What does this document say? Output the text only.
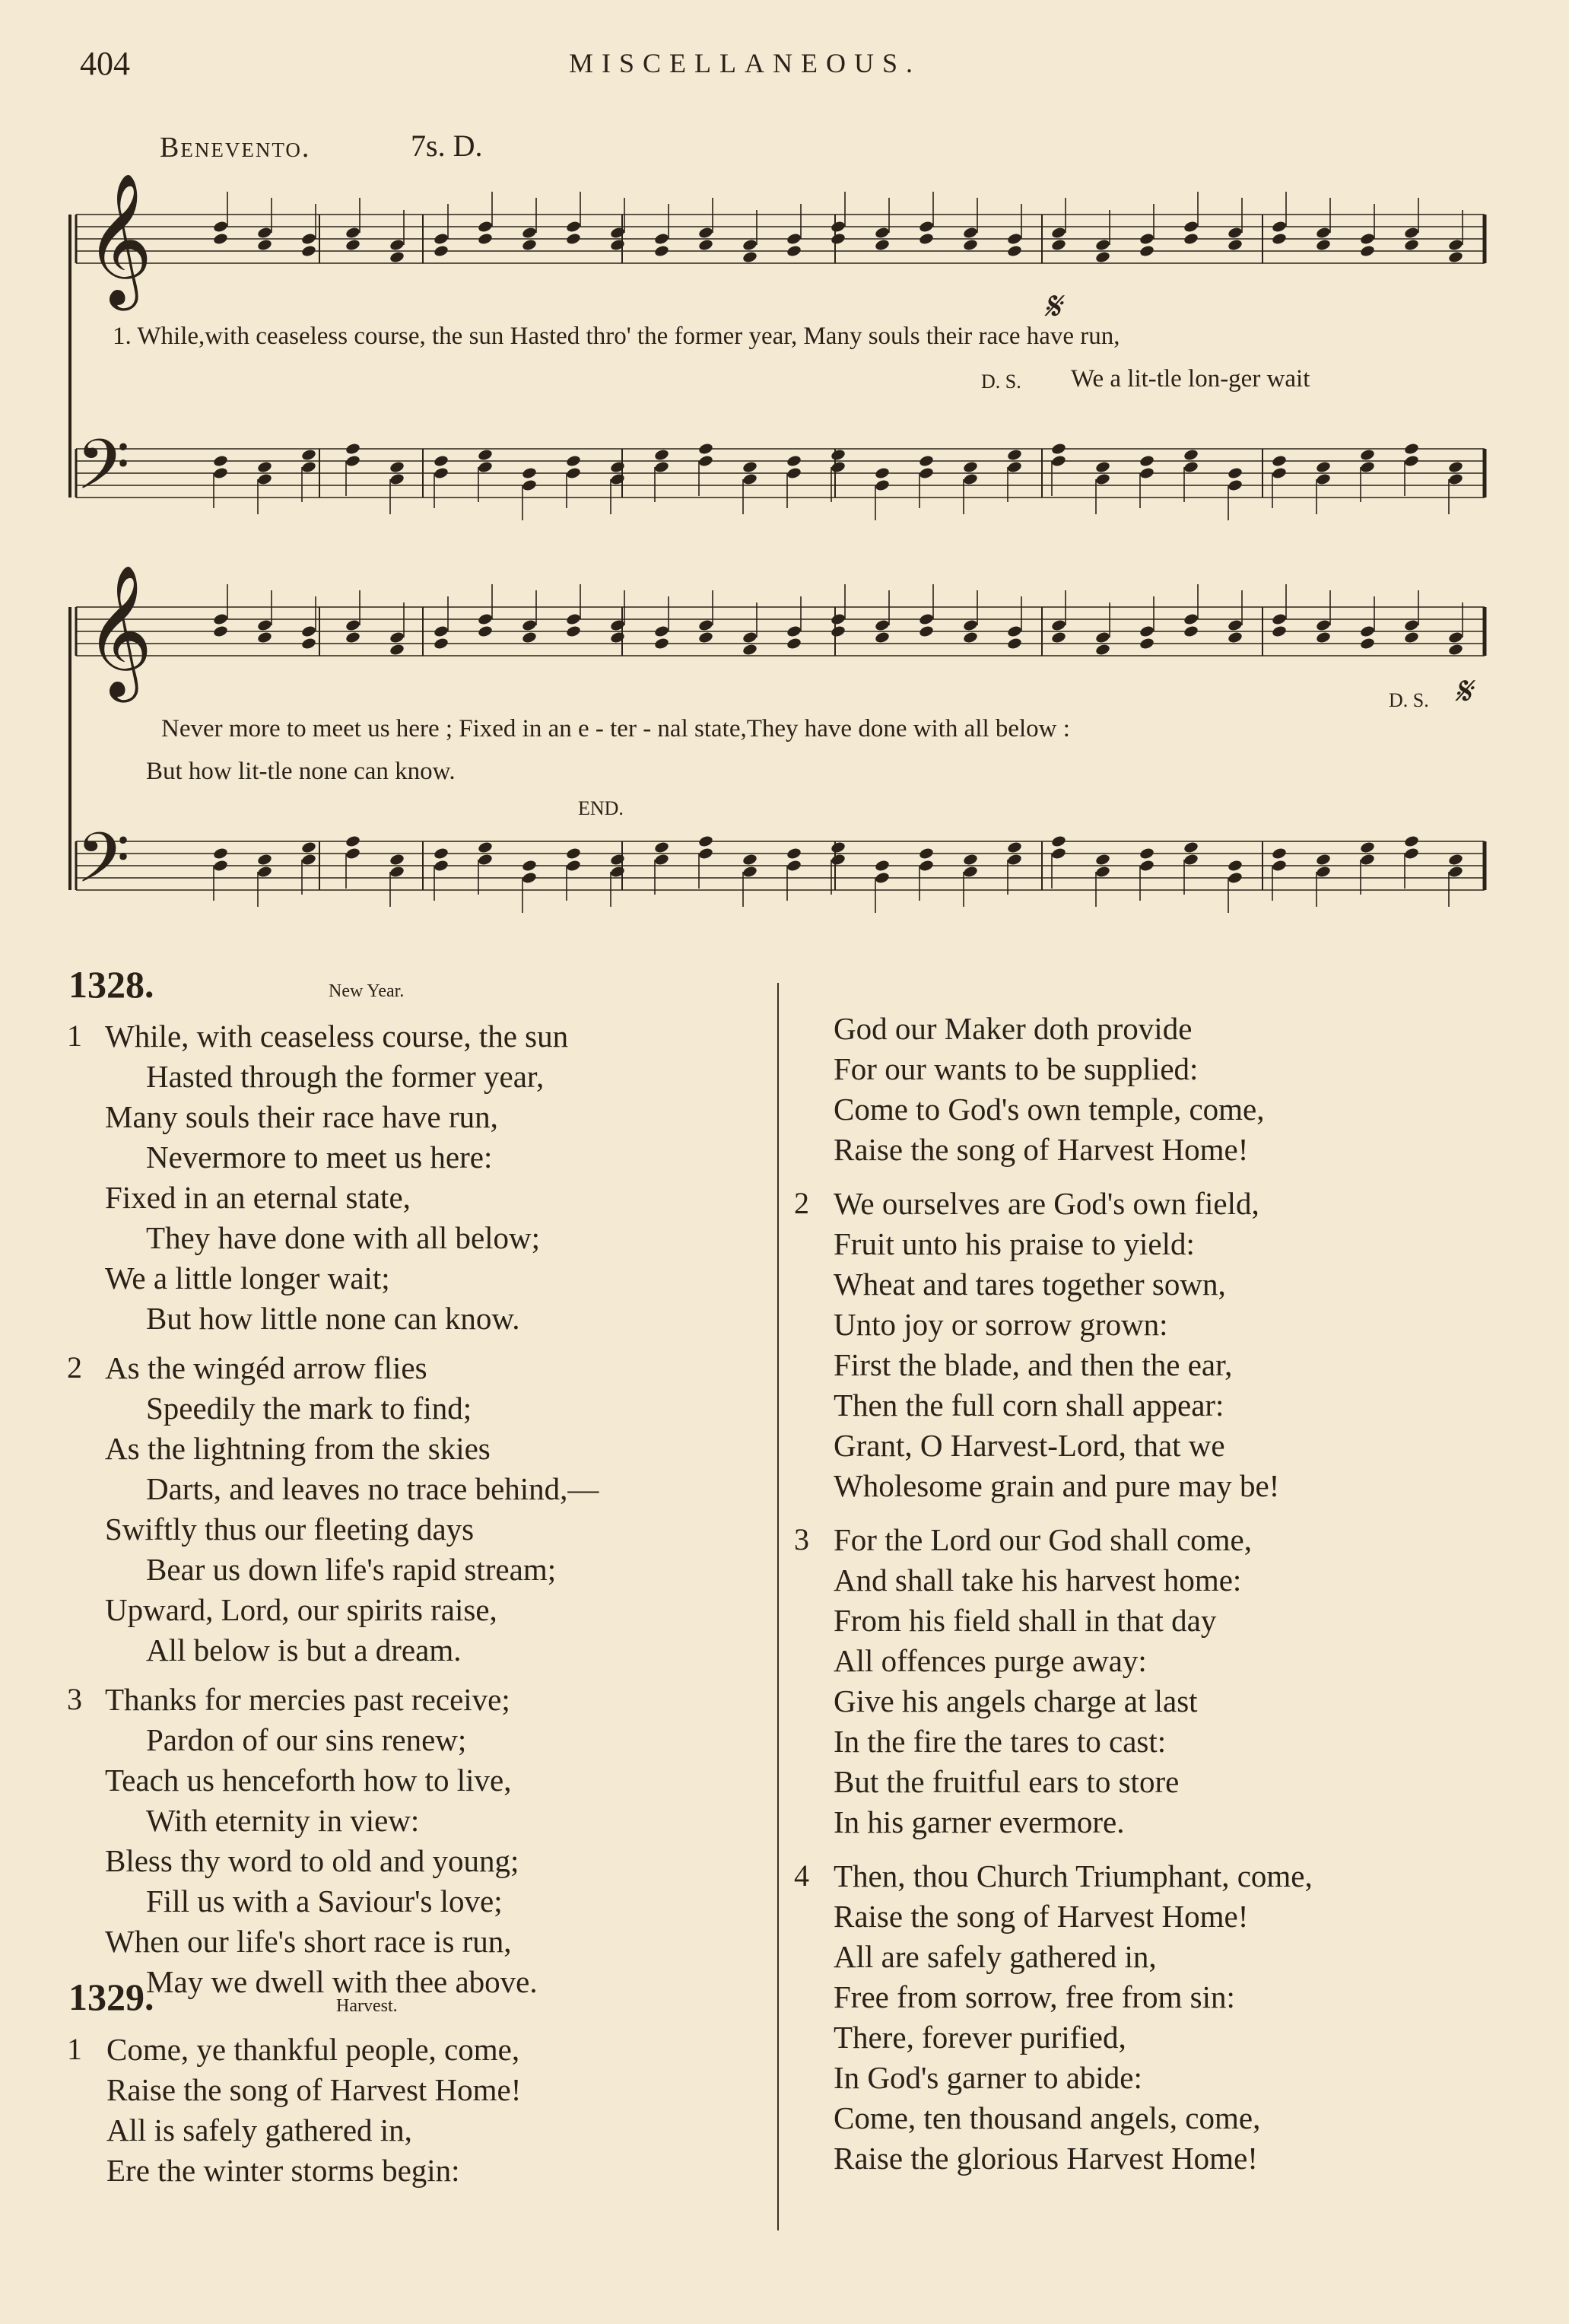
404	MISCELLANEOUS.
Benevento.	7s. D.
𝄞
𝄢
𝄞
𝄢
1. While,with ceaseless course, the sun Hasted thro' the former year, Many souls their race have run,
D. S. We a lit-tle lon-ger wait
𝄋
Never more to meet us here ; Fixed in an e - ter - nal state,They have done with all below :
But how lit-tle none can know.
END.
D. S. 𝄋
1328.	New Year.
1 While, with ceaseless course, the sun
Hasted through the former year,
Many souls their race have run,
Nevermore to meet us here:
Fixed in an eternal state,
They have done with all below;
We a little longer wait;
But how little none can know.
2 As the wingéd arrow flies
Speedily the mark to find;
As the lightning from the skies
Darts, and leaves no trace behind,—
Swiftly thus our fleeting days
Bear us down life's rapid stream;
Upward, Lord, our spirits raise,
All below is but a dream.
3 Thanks for mercies past receive;
Pardon of our sins renew;
Teach us henceforth how to live,
With eternity in view:
Bless thy word to old and young;
Fill us with a Saviour's love;
When our life's short race is run,
May we dwell with thee above.
1329.	Harvest.
1 Come, ye thankful people, come,
Raise the song of Harvest Home!
All is safely gathered in,
Ere the winter storms begin:
God our Maker doth provide
For our wants to be supplied:
Come to God's own temple, come,
Raise the song of Harvest Home!
2 We ourselves are God's own field,
Fruit unto his praise to yield:
Wheat and tares together sown,
Unto joy or sorrow grown:
First the blade, and then the ear,
Then the full corn shall appear:
Grant, O Harvest-Lord, that we
Wholesome grain and pure may be!
3 For the Lord our God shall come,
And shall take his harvest home:
From his field shall in that day
All offences purge away:
Give his angels charge at last
In the fire the tares to cast:
But the fruitful ears to store
In his garner evermore.
4 Then, thou Church Triumphant, come,
Raise the song of Harvest Home!
All are safely gathered in,
Free from sorrow, free from sin:
There, forever purified,
In God's garner to abide:
Come, ten thousand angels, come,
Raise the glorious Harvest Home!
